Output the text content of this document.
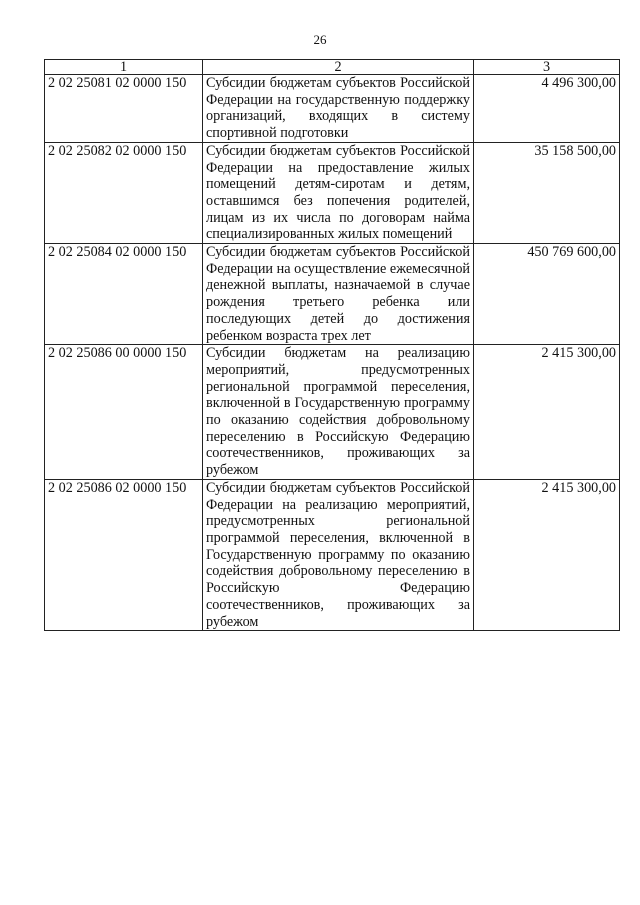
26
1	2	3
2 02 25081 02 0000 150	Субсидии бюджетам субъектов Российской Федерации на государственную поддержку организаций, входящих в систему спортивной подготовки	4 496 300,00
2 02 25082 02 0000 150	Субсидии бюджетам субъектов Российской Федерации на предоставление жилых помещений детям-сиротам и детям, оставшимся без попечения родителей, лицам из их числа по договорам найма специализированных жилых помещений	35 158 500,00
2 02 25084 02 0000 150	Субсидии бюджетам субъектов Российской Федерации на осуществление ежемесячной денежной выплаты, назначаемой в случае рождения третьего ребенка или последующих детей до достижения ребенком возраста трех лет	450 769 600,00
2 02 25086 00 0000 150	Субсидии бюджетам на реализацию мероприятий, предусмотренных региональной программой переселения, включенной в Государственную программу по оказанию содействия добровольному переселению в Российскую Федерацию соотечественников, проживающих за рубежом	2 415 300,00
2 02 25086 02 0000 150	Субсидии бюджетам субъектов Российской Федерации на реализацию мероприятий, предусмотренных региональной программой переселения, включенной в Государственную программу по оказанию содействия добровольному переселению в Российскую Федерацию соотечественников, проживающих за рубежом	2 415 300,00
